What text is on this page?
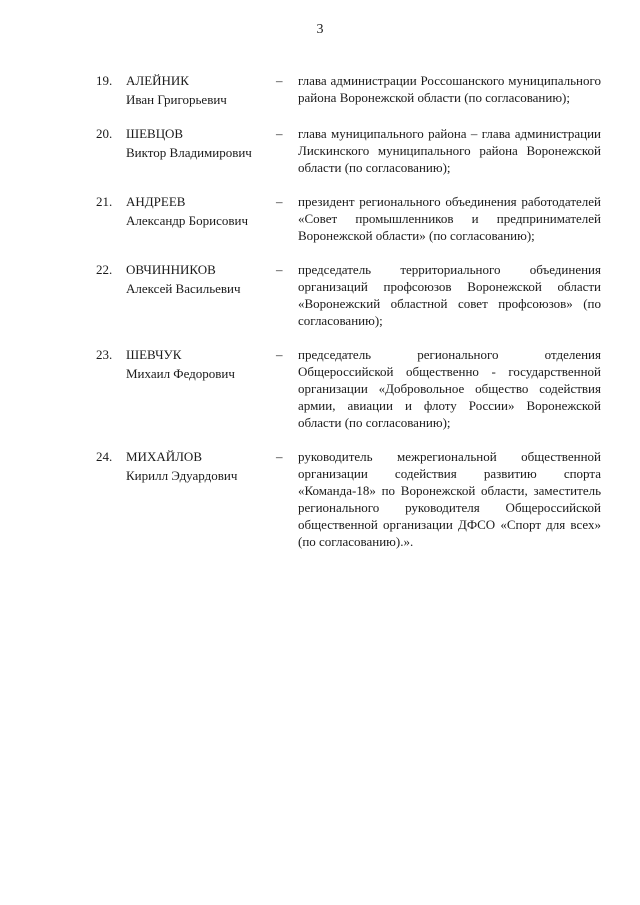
3
19.	АЛЕЙНИК
Иван Григорьевич
–	глава администрации Россошанского муниципального района Воронежской области (по согласованию);
20.	ШЕВЦОВ
Виктор Владимирович
–	глава муниципального района – глава администрации Лискинского муниципального района Воронежской области (по согласованию);
21.	АНДРЕЕВ
Александр Борисович
–	президент регионального объединения работодателей «Совет промышленников и предпринимателей Воронежской области» (по согласованию);
22.	ОВЧИННИКОВ
Алексей Васильевич
–	председатель территориального объединения организаций профсоюзов Воронежской области «Воронежский областной совет профсоюзов» (по согласованию);
23.	ШЕВЧУК
Михаил Федорович
–	председатель регионального отделения Общероссийской общественно - государственной организации «Добровольное общество содействия армии, авиации и флоту России» Воронежской области (по согласованию);
24.	МИХАЙЛОВ
Кирилл Эдуардович
–	руководитель межрегиональной общественной организации содействия развитию спорта «Команда-18» по Воронежской области, заместитель регионального руководителя Общероссийской общественной организации ДФСО «Спорт для всех» (по согласованию).».
